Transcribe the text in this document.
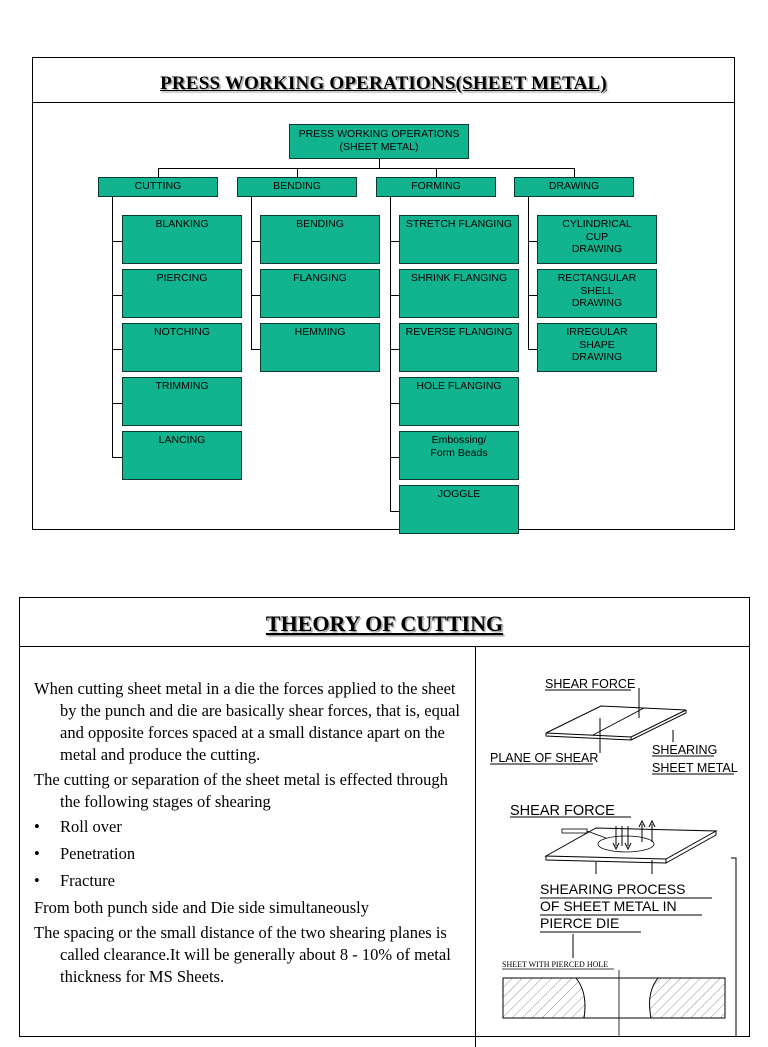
PRESS WORKING OPERATIONS(SHEET METAL)
PRESS WORKING OPERATIONS
(SHEET METAL)
CUTTING
BLANKING
PIERCING
NOTCHING
TRIMMING
LANCING
BENDING
BENDING
FLANGING
HEMMING
FORMING
STRETCH FLANGING
SHRINK FLANGING
REVERSE FLANGING
HOLE FLANGING
Embossing/
Form Beads
JOGGLE
DRAWING
CYLINDRICAL
CUP
DRAWING
RECTANGULAR
SHELL
DRAWING
IRREGULAR
SHAPE
DRAWING
THEORY OF CUTTING

When cutting sheet metal in a die the forces applied to the sheet by the punch and die are basically shear forces, that is, equal and opposite forces spaced at a small distance apart on the metal and produce the cutting.

The cutting or separation of the sheet metal is effected through the following stages of shearing

•	Roll over
•	Penetration
•	Fracture

From both punch side and Die side simultaneously

The spacing or the small distance of the two shearing planes is called clearance.It will be generally about 8 - 10% of metal thickness for MS Sheets.

SHEAR FORCE
PLANE OF SHEAR
SHEARING
SHEET METAL
SHEAR FORCE
SHEARING PROCESS
OF SHEET METAL IN
PIERCE DIE
SHEET WITH PIERCED HOLE
